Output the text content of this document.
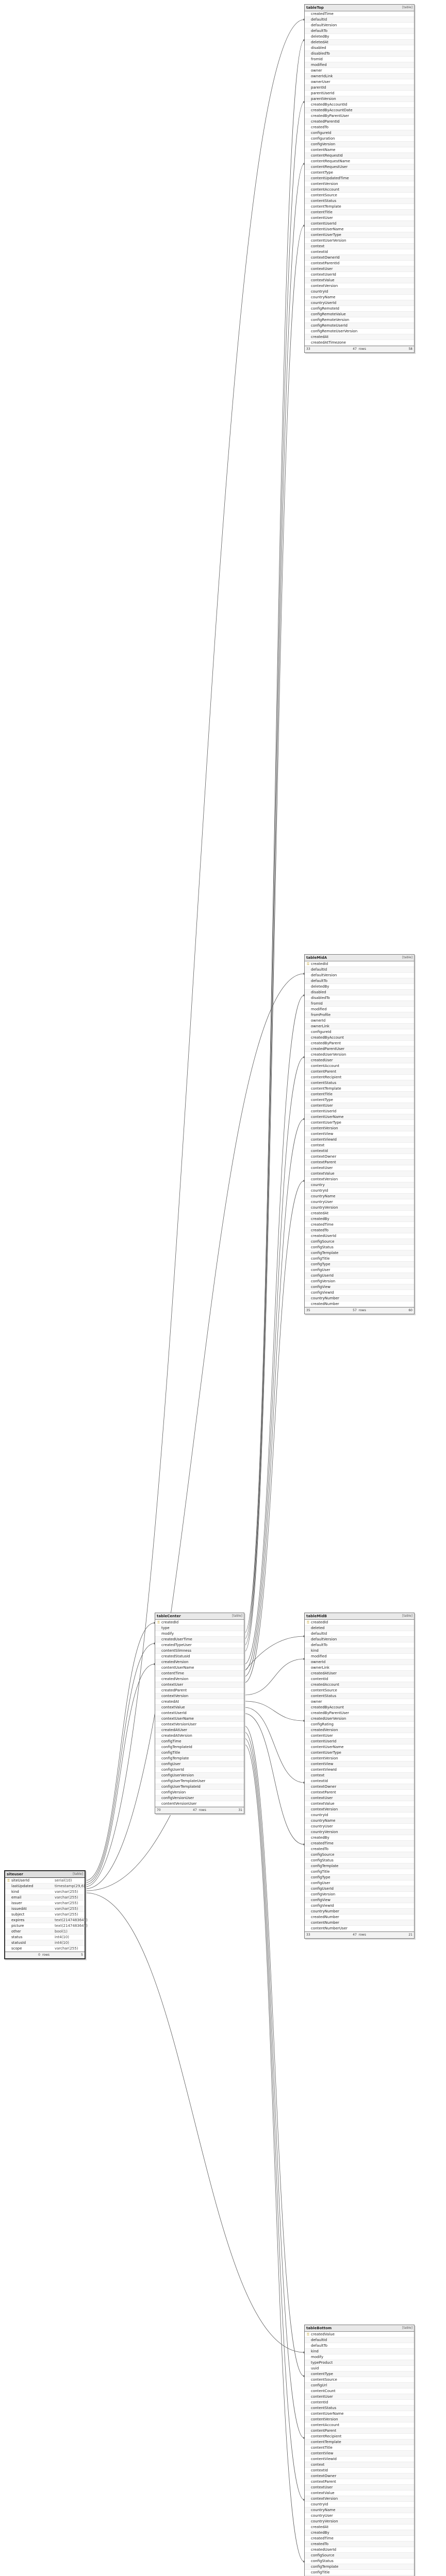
tableTop	[table]
createdTime
defaultId
defaultVersion
defaultTo
deletedBy
deletedAt
disabled
disabledTo
fromId
modified
owner
ownerIdLink
ownerUser
parentId
parentUserId
parentVersion
createdByAccountId
createdByAccountDate
createdByParentUser
createdParentId
createdTo
configureId
configuration
configVersion
contentName
contentRequestId
contentRequestName
contentRequestUser
contentType
contentUpdatedTime
contentVersion
contentAccount
contentSource
contentStatus
contentTemplate
contentTitle
contentUser
contentUserId
contentUserName
contentUserType
contentUserVersion
context
contextId
contextOwnerId
contextParentId
contextUser
contextUserId
contextValue
contextVersion
countryId
countryName
countryUserId
configRemoteId
configRemoteValue
configRemoteVersion
configRemoteUserId
configRemoteUserVersion
createdAt
createdAtTimezone
33	47 rows	58
tableMidA	[table]
⚿ createdId
defaultId
defaultVersion
defaultTo
deletedBy
disabled
disabledTo
fromId
modified
fromProfile
ownerId
ownerLink
configureId
createdByAccount
createdByParent
createdParentUser
createdUserVersion
createdUser
contentAccount
contentParent
contentRecipient
contentStatus
contentTemplate
contentTitle
contentType
contentUser
contentUserId
contentUserName
contentUserType
contentVersion
contentView
contentViewId
context
contextId
contextOwner
contextParent
contextUser
contextValue
contextVersion
country
countryId
countryName
countryUser
countryVersion
createdAt
createdBy
createdTime
createdTo
createdUserId
configSource
configStatus
configTemplate
configTitle
configType
configUser
configUserId
configVersion
configView
configViewId
countryNumber
createdNumber
35	57 rows	60
tableCenter	[table]
⚿ createdId
type
modify
createdUserTime
createdTypeUser
contentSlimness
createdStatusId
createdVersion
contentUserName
contentTime
createdVersion
contextUser
createdParent
contextVersion
createdAt
contextValue
contextUserId
contextUserName
contextVersionUser
createdAtUser
createdAtVersion
configTime
configTemplateId
configTitle
configTemplate
configUser
configUserId
configUserVersion
configUserTemplateUser
configUserTemplateId
configVersion
configVersionUser
contentVersionUser
70	47 rows	31
siteuser	[table]
⚿ siteUserId	serial(10)
lastUpdated	timestamp(29,6)
kind	varchar(255)
email	varchar(255)
issuer	varchar(255)
issuedAt	varchar(255)
subject	varchar(255)
expires	text(2147483647)
picture	text(2147483647)
other	bool(1)
status	int4(10)
statusId	int4(10)
scope	varchar(255)
0 rows	5
tableMidB	[table]
⚿ createdId
deleted
defaultId
defaultVersion
defaultTo
kind
modified
ownerId
ownerLink
createdAtUser
contentId
createdAccount
contentSource
contentStatus
owner
createdByAccount
createdByParentUser
createdUserVersion
configRating
createdVersion
contentUser
contentUserId
contentUserName
contentUserType
contentVersion
contentView
contentViewId
context
contextId
contextOwner
contextParent
contextUser
contextValue
contextVersion
countryId
countryName
countryUser
countryVersion
createdBy
createdTime
createdTo
configSource
configStatus
configTemplate
configTitle
configType
configUser
configUserId
configVersion
configView
configViewId
countryNumber
createdNumber
contentNumber
contentNumberUser
33	47 rows	21
tableBottom	[table]
⚿ createdValue
defaultId
defaultTo
kind
modify
typeProduct
uuid
contentType
contentSource
configUrl
contentCount
contentUser
contentId
contentStatus
contentUserName
contentVersion
contentAccount
contentParent
contentRecipient
contentTemplate
contentTitle
contentView
contentViewId
context
contextId
contextOwner
contextParent
contextUser
contextValue
contextVersion
countryId
countryName
countryUser
countryVersion
createdAt
createdBy
createdTime
createdTo
createdUserId
configSource
configStatus
configTemplate
configTitle
